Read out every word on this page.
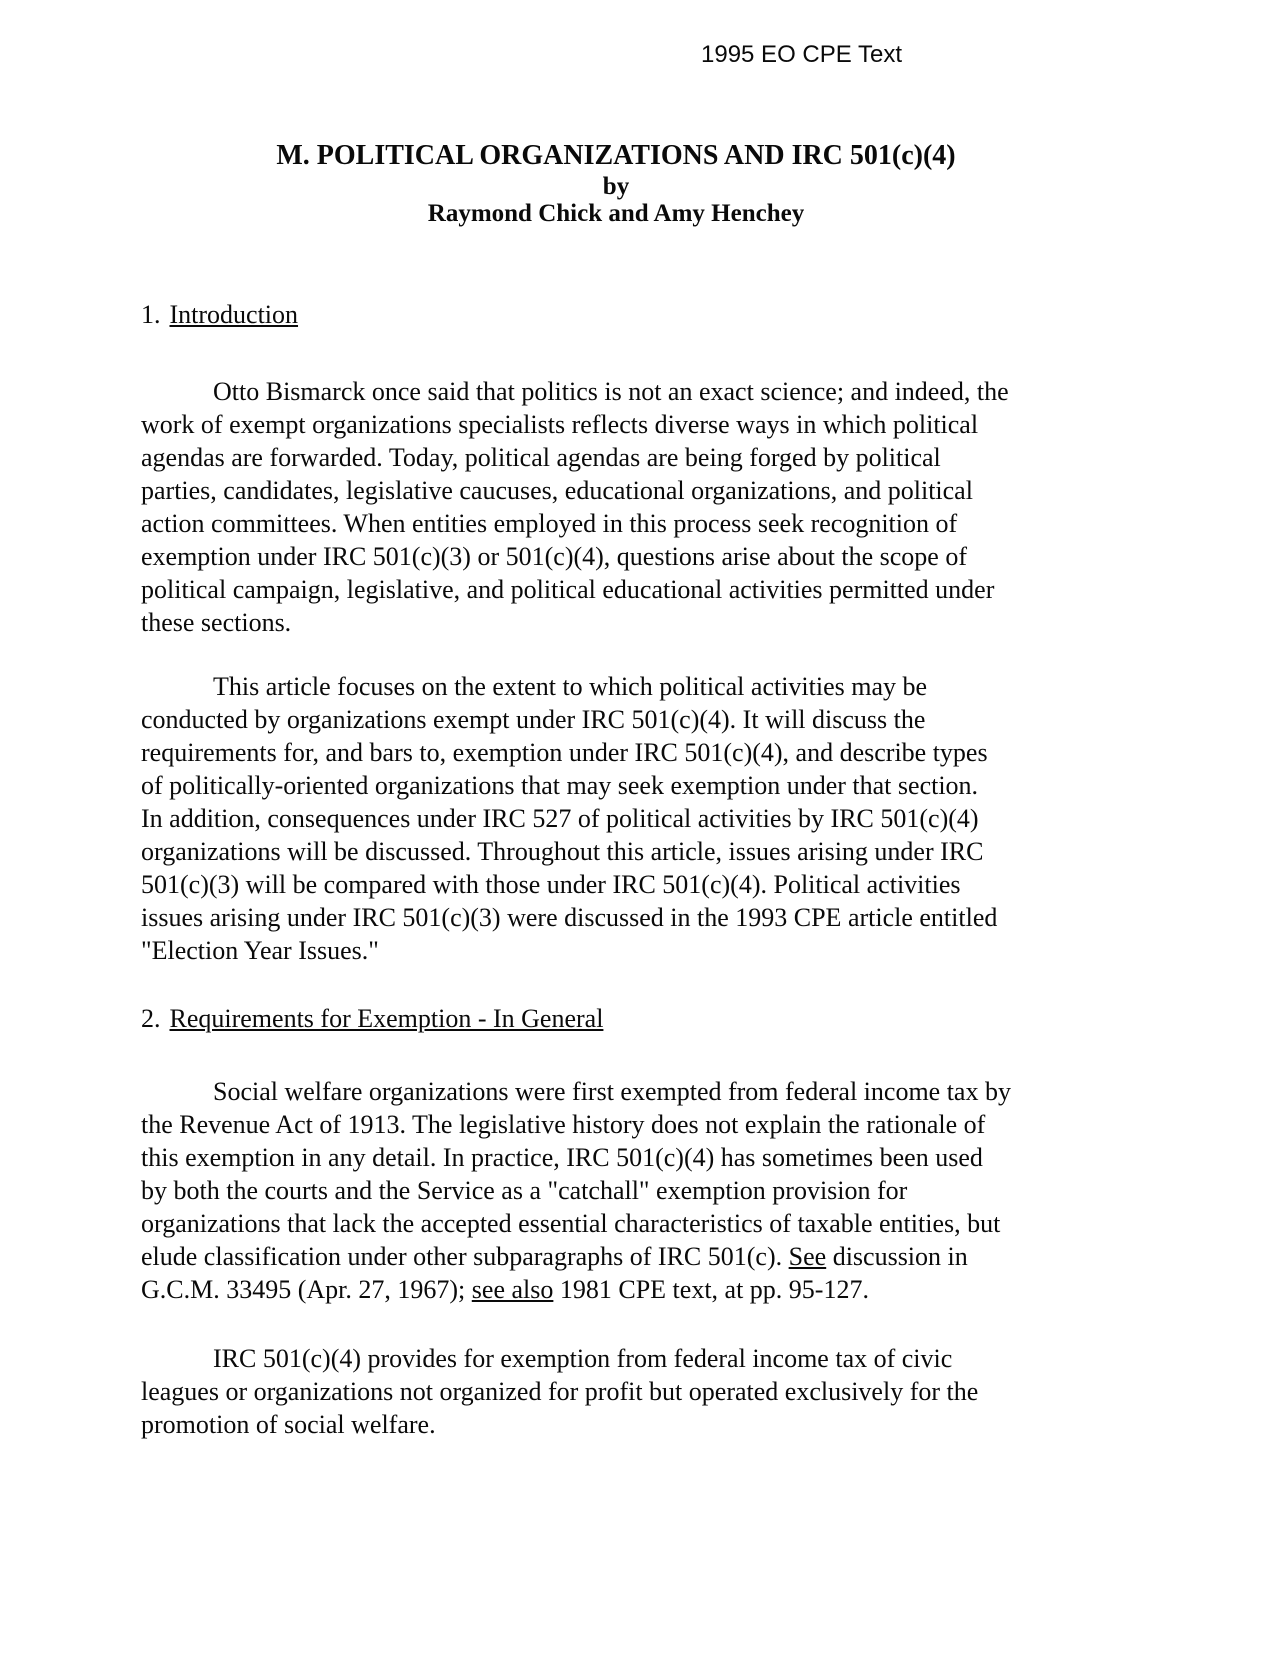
1995 EO CPE Text
M. POLITICAL ORGANIZATIONS AND IRC 501(c)(4)
by
Raymond Chick and Amy Henchey
1. Introduction
Otto Bismarck once said that politics is not an exact science; and indeed, the
work of exempt organizations specialists reflects diverse ways in which political
agendas are forwarded. Today, political agendas are being forged by political
parties, candidates, legislative caucuses, educational organizations, and political
action committees. When entities employed in this process seek recognition of
exemption under IRC 501(c)(3) or 501(c)(4), questions arise about the scope of
political campaign, legislative, and political educational activities permitted under
these sections.
This article focuses on the extent to which political activities may be
conducted by organizations exempt under IRC 501(c)(4). It will discuss the
requirements for, and bars to, exemption under IRC 501(c)(4), and describe types
of politically-oriented organizations that may seek exemption under that section.
In addition, consequences under IRC 527 of political activities by IRC 501(c)(4)
organizations will be discussed. Throughout this article, issues arising under IRC
501(c)(3) will be compared with those under IRC 501(c)(4). Political activities
issues arising under IRC 501(c)(3) were discussed in the 1993 CPE article entitled
"Election Year Issues."
2. Requirements for Exemption - In General
Social welfare organizations were first exempted from federal income tax by
the Revenue Act of 1913. The legislative history does not explain the rationale of
this exemption in any detail. In practice, IRC 501(c)(4) has sometimes been used
by both the courts and the Service as a "catchall" exemption provision for
organizations that lack the accepted essential characteristics of taxable entities, but
elude classification under other subparagraphs of IRC 501(c). See discussion in
G.C.M. 33495 (Apr. 27, 1967); see also 1981 CPE text, at pp. 95-127.
IRC 501(c)(4) provides for exemption from federal income tax of civic
leagues or organizations not organized for profit but operated exclusively for the
promotion of social welfare.
